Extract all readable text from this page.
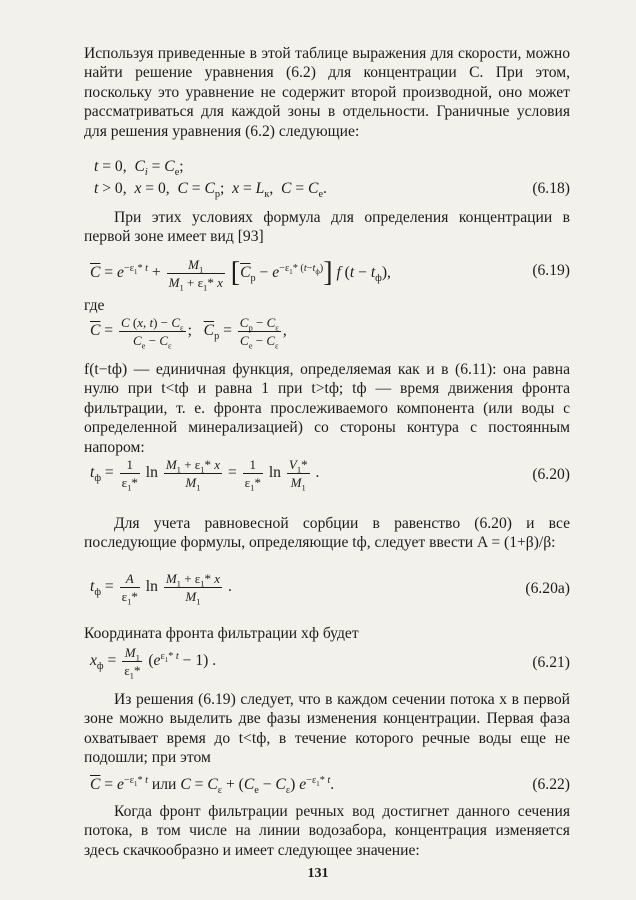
Используя приведенные в этой таблице выражения для скорости, можно найти решение уравнения (6.2) для концентрации C. При этом, поскольку это уравнение не содержит второй производной, оно может рассматриваться для каждой зоны в отдельности. Граничные условия для решения уравнения (6.2) следующие:

t = 0,  $C_i = C_e$;
t > 0,  x = 0,  $C = C_р$;  $x = L_к$,  $C = C_e$.	(6.18)

При этих условиях формула для определения концентрации в первой зоне имеет вид [93]

$\overline{C} = e^{-\varepsilon_1* t} + \frac{M_1}{M_1 + \varepsilon_1* x} [\overline{C}_р - e^{-\varepsilon_1* (t-t_ф)}]$ f $(t - t_ф)$,	(6.19)

где

$\overline{C} = \frac{C (x, t) - C_\varepsilon}{C_e - C_\varepsilon}$ ;   $\overline{C}_р = C_р - C_\varepsilon$
$C_e - C_\varepsilon$
,

f(t−tф) — единичная функция, определяемая как и в (6.11): она равна нулю при t<tф и равна 1 при t>tф; tф — время движения фронта фильтрации, т. е. фронта прослеживаемого компонента (или воды с определенной минерализацией) со стороны контура с постоянным напором:

$t_ф = \frac{1}{\varepsilon_1*}$ $\ln \frac{M_1 + \varepsilon_1* x}{M_1} = \frac{1}{\varepsilon_1*}$ $\ln \frac{V_1*}{M_1}$ .	(6.20)

Для учета равновесной сорбции в равенство (6.20) и все последующие формулы, определяющие tф, следует ввести A = (1+β)/β:

$t_ф = \frac{A}{\varepsilon_1*}$ $\ln \frac{M_1 + \varepsilon_1* x}{M_1}$ .	(6.20а)

Координата фронта фильтрации xф будет

$x_ф = \frac{M_1}{\varepsilon_1*} (e^{\varepsilon_1* t} - 1)$ .	(6.21)

Из решения (6.19) следует, что в каждом сечении потока x в первой зоне можно выделить две фазы изменения концентрации. Первая фаза охватывает время до t<tф, в течение которого речные воды еще не подошли; при этом

$\overline{C} = e^{-\varepsilon_1* t}$ или $C = C_\varepsilon + (C_e - C_\varepsilon)$ $e^{-\varepsilon_1* t}$.	(6.22)

Когда фронт фильтрации речных вод достигнет данного сечения потока, в том числе на линии водозабора, концентрация изменяется здесь скачкообразно и имеет следующее значение:

131
